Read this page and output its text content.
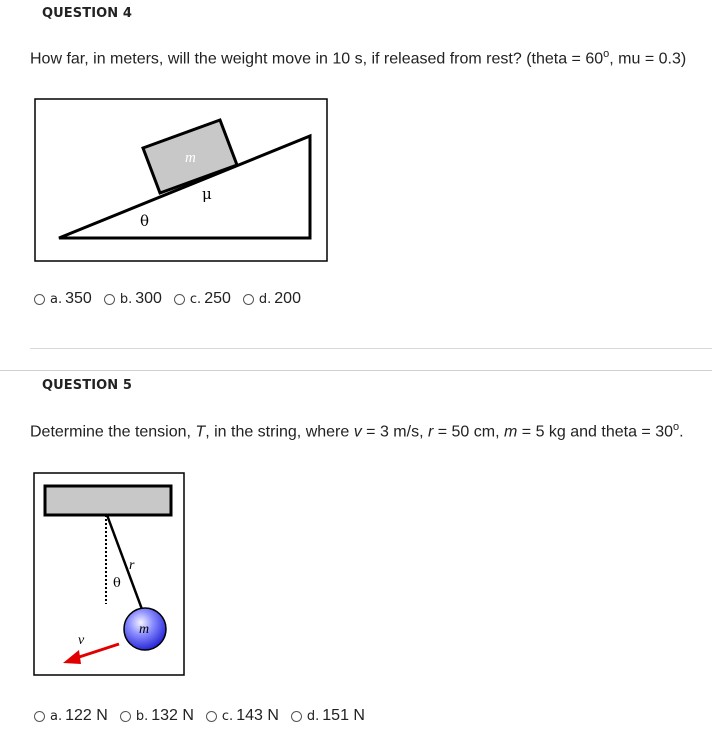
QUESTION 4
How far, in meters, will the weight move in 10 s, if released from rest? (theta = $60^o$, mu = 0.3)
m
μ
θ
a. 350 b. 300 c. 250 d. 200
QUESTION 5
Determine the tension, T, in the string, where v = 3 m/s, r = 50 cm, m = 5 kg and theta = $30^o$.
r
θ
m
v
a. 122 N b. 132 N c. 143 N d. 151 N
